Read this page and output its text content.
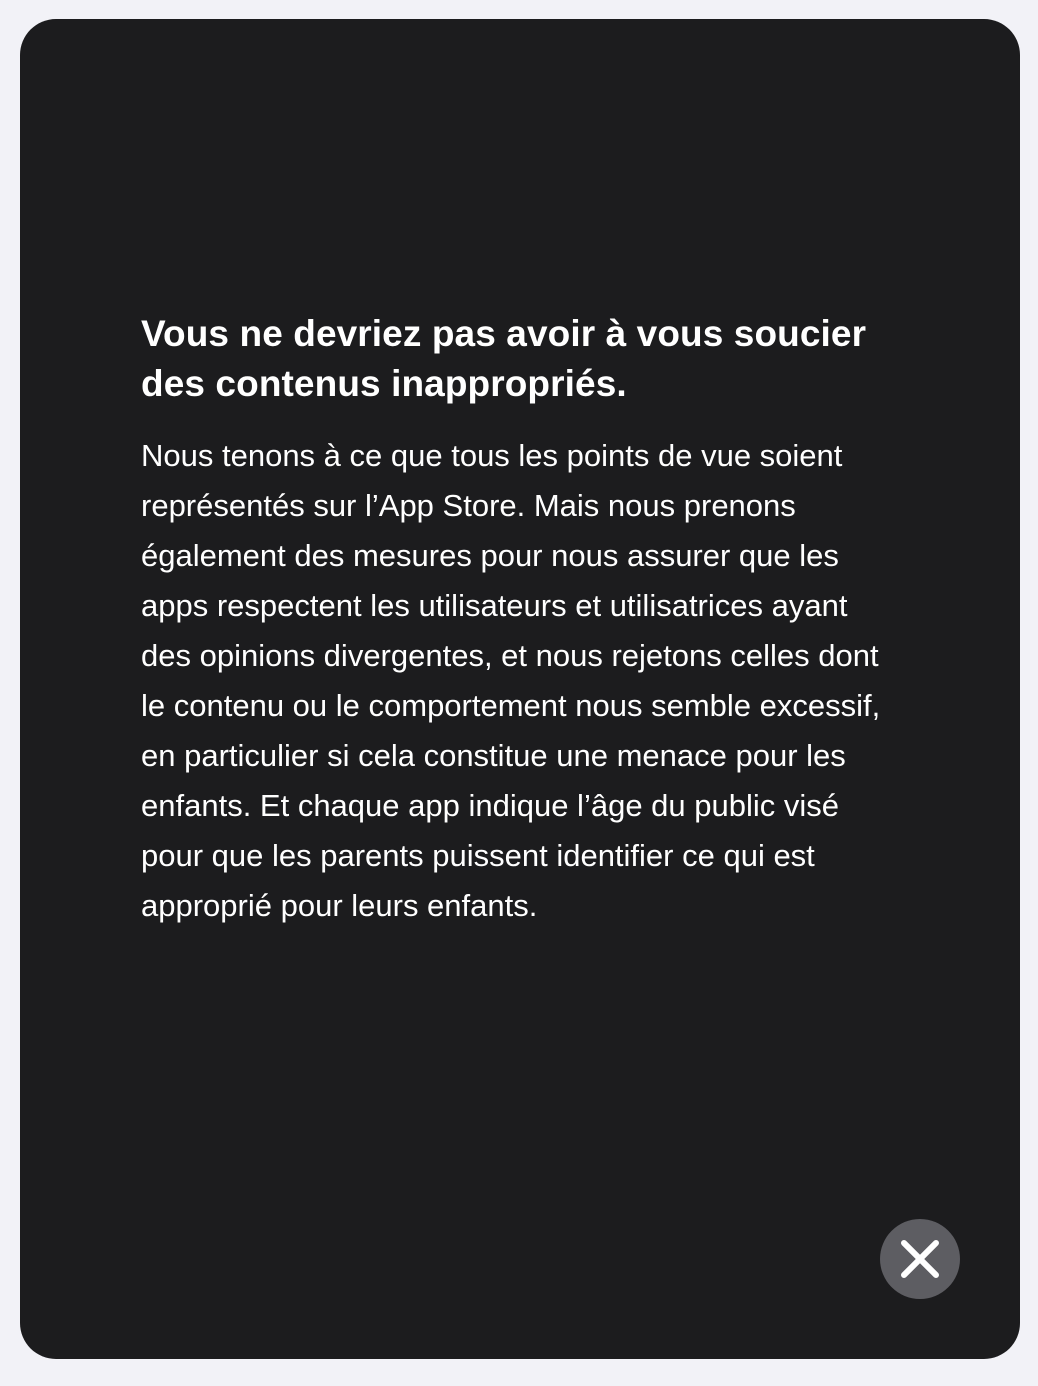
Vous ne devriez pas avoir à vous soucier des contenus inappropriés.

Nous tenons à ce que tous les points de vue soient représentés sur l’App Store. Mais nous prenons également des mesures pour nous assurer que les apps respectent les utilisateurs et utilisatrices ayant des opinions divergentes, et nous rejetons celles dont le contenu ou le comportement nous semble excessif, en particulier si cela constitue une menace pour les enfants. Et chaque app indique l’âge du public visé pour que les parents puissent identifier ce qui est approprié pour leurs enfants.
